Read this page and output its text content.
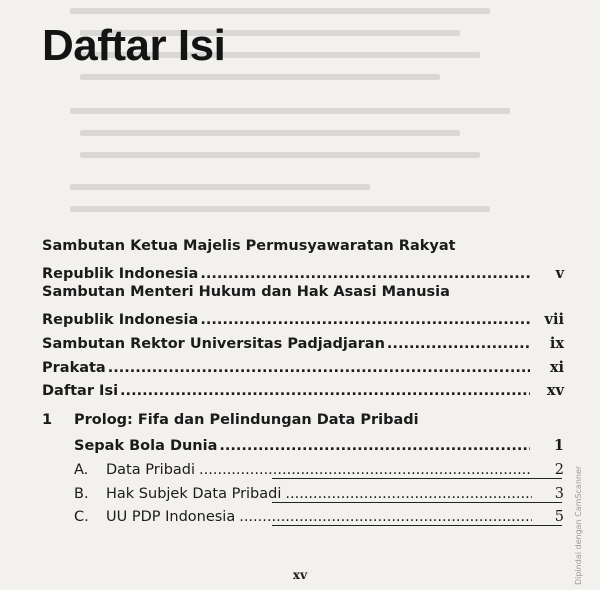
Daftar Isi
Sambutan Ketua Majelis Permusyawaratan Rakyat
Republik Indonesia .....	v
Sambutan Menteri Hukum dan Hak Asasi Manusia
Republik Indonesia .....	vii
Sambutan Rektor Universitas Padjadjaran .....	ix
Prakata .....	xi
Daftar Isi .....	xv
1 Prolog: Fifa dan Pelindungan Data Pribadi
Sepak Bola Dunia .....	1
A.	Data Pribadi .....	2
B.	Hak Subjek Data Pribadi .....	3
C.	UU PDP Indonesia .....	5
xv	Dipindai dengan CamScanner
